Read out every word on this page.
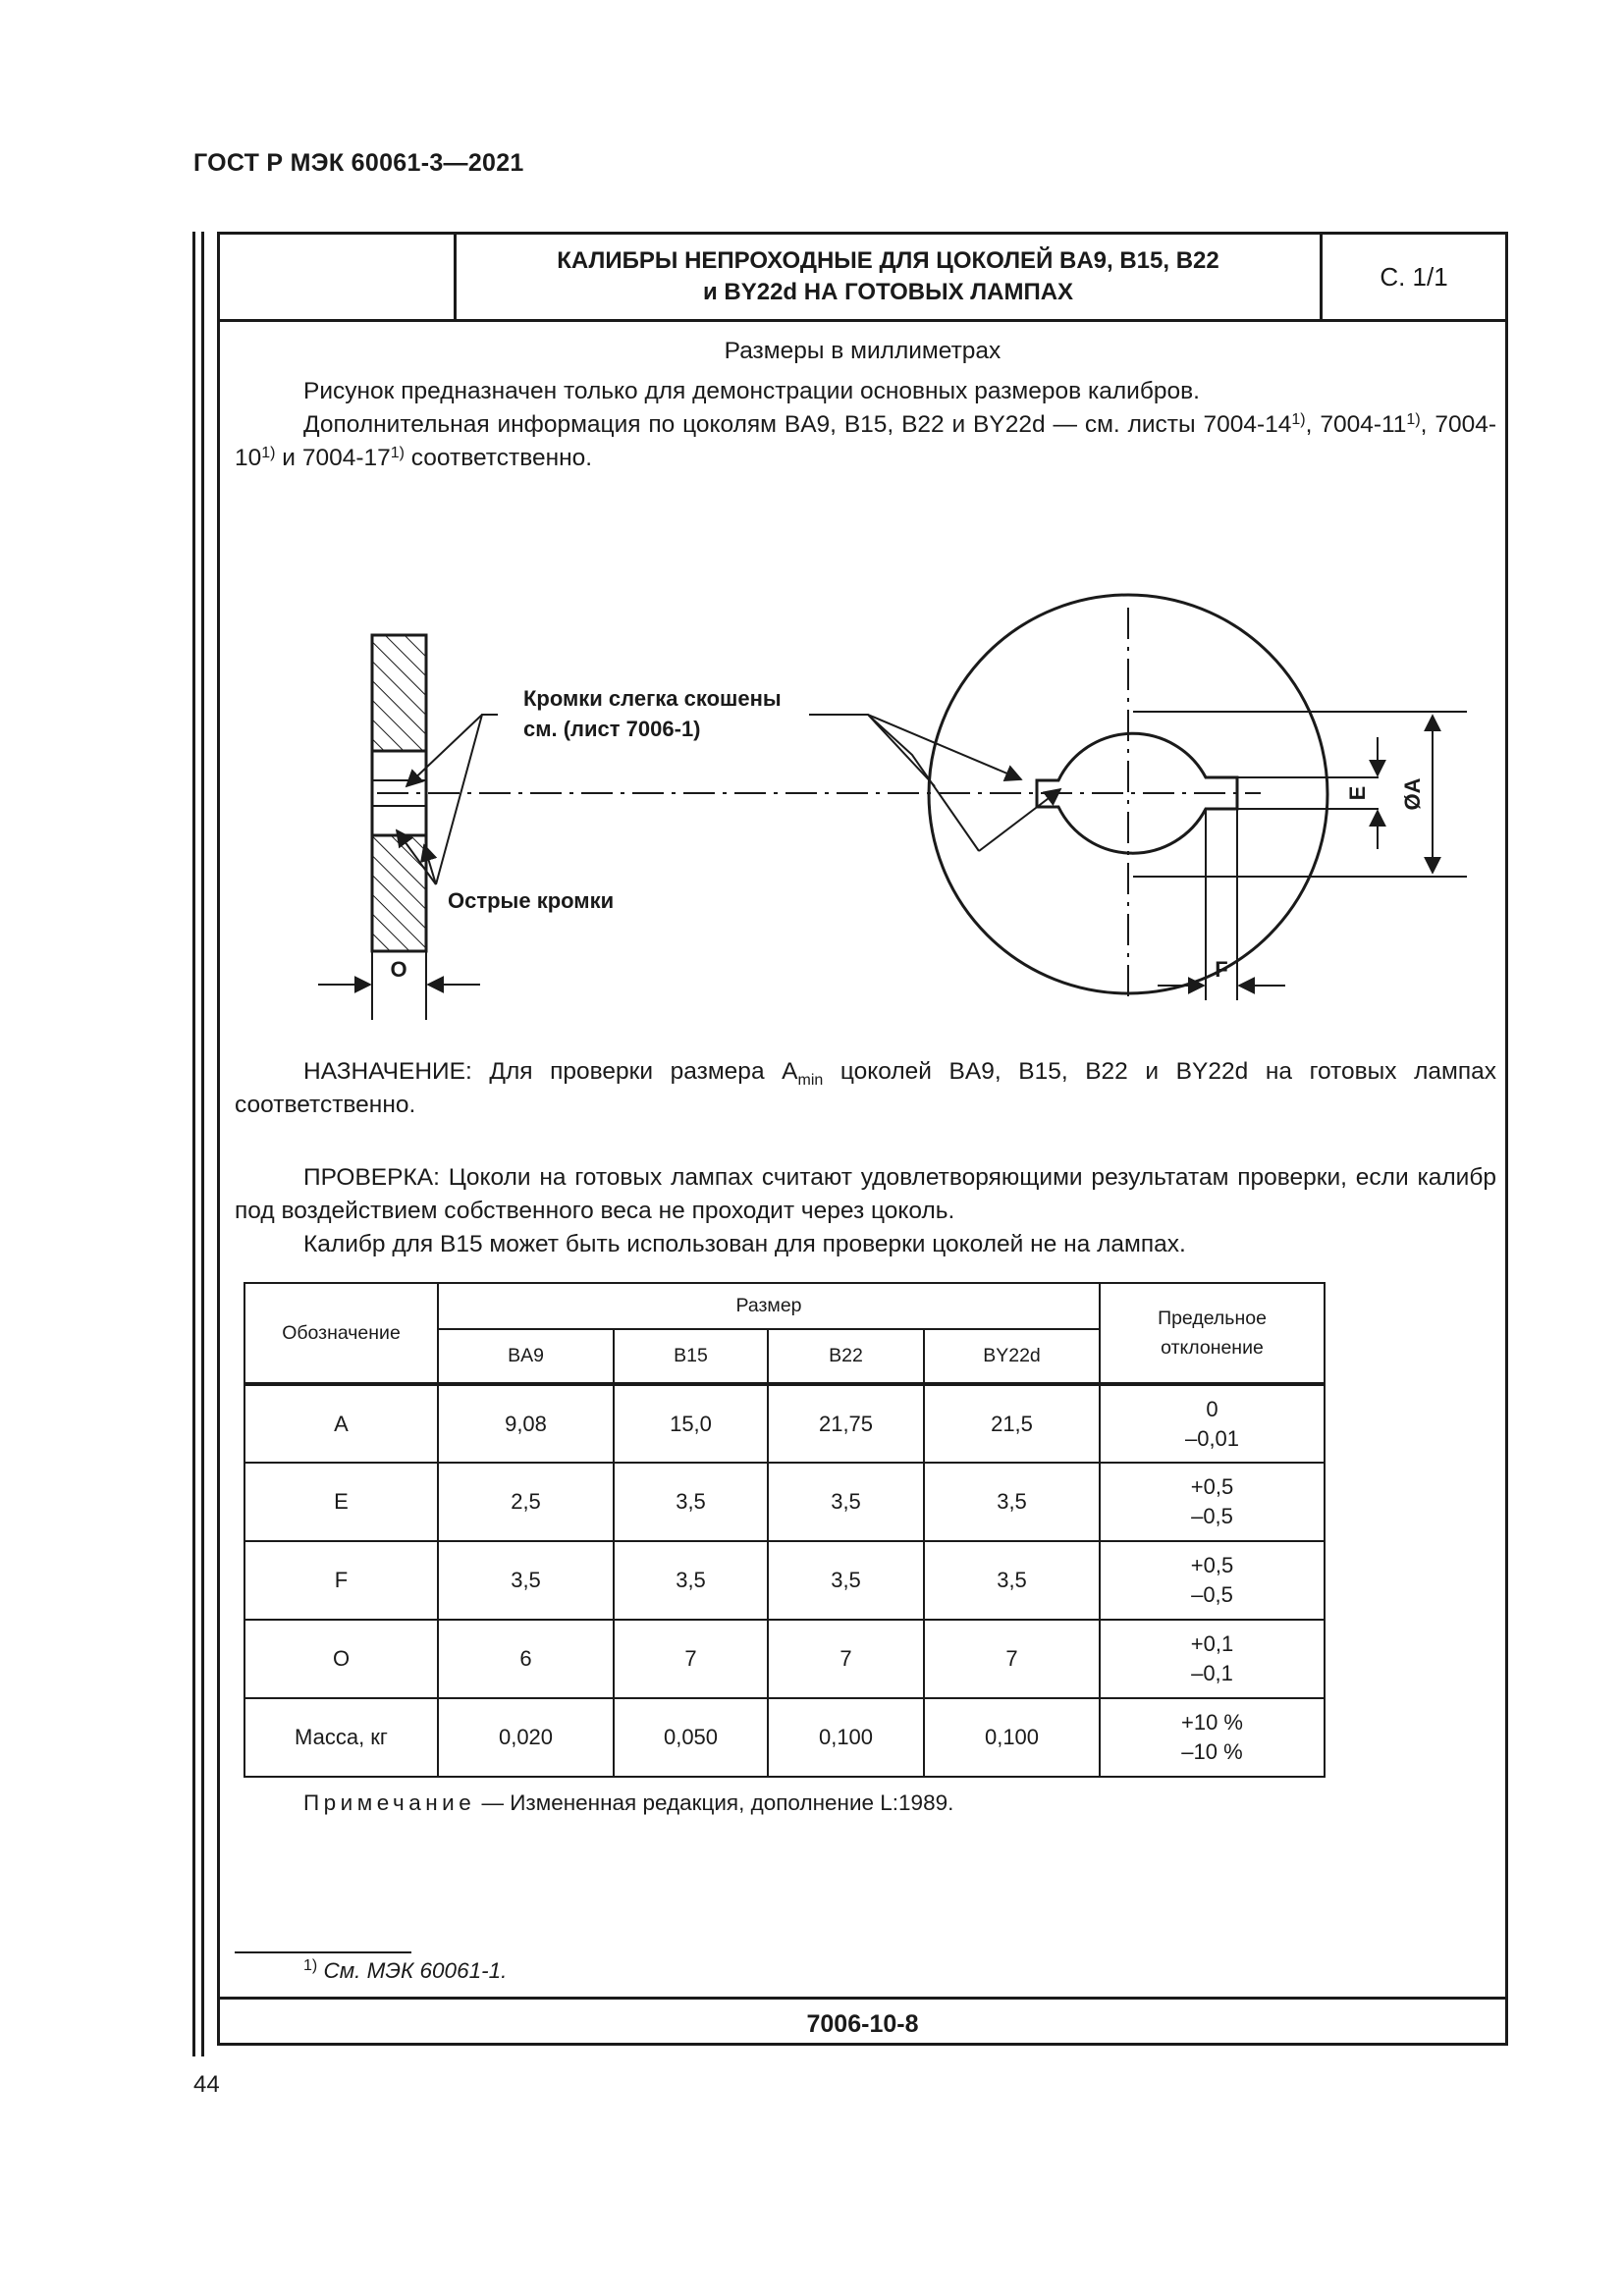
ГОСТ Р МЭК 60061-3—2021
КАЛИБРЫ НЕПРОХОДНЫЕ ДЛЯ ЦОКОЛЕЙ BA9, B15, B22
и BY22d НА ГОТОВЫХ ЛАМПАХ
С. 1/1
Размеры в миллиметрах
Рисунок предназначен только для демонстрации основных размеров калибров.
Дополнительная информация по цоколям BA9, B15, B22 и BY22d — см. листы 7004-14$^{1)}$, 7004-11$^{1)}$, 7004-10$^{1)}$ и 7004-17$^{1)}$ соответственно.
Кромки слегка скошены
см. (лист 7006-1)
Острые кромки
O	F
E ØA
НАЗНАЧЕНИЕ: Для проверки размера $A_{min}$ цоколей BA9, B15, B22 и BY22d на готовых лампах соответственно.
ПРОВЕРКА: Цоколи на готовых лампах считают удовлетворяющими результатам проверки, если калибр под воздействием собственного веса не проходит через цоколь.
Калибр для B15 может быть использован для проверки цоколей не на лампах.
Обозначение	Размер				Предельное
отклонение
	BA9	B15	B22	BY22d	
A	9,08	15,0	21,75	21,5	0
–0,01
E	2,5	3,5	3,5	3,5	+0,5
–0,5
F	3,5	3,5	3,5	3,5	+0,5
–0,5
O	6	7	7	7	+0,1
–0,1
Масса, кг	0,020	0,050	0,100	0,100	+10 %
–10 %
Примечание — Измененная редакция, дополнение L:1989.
$^{1)}$ См. МЭК 60061-1.
7006-10-8
44
